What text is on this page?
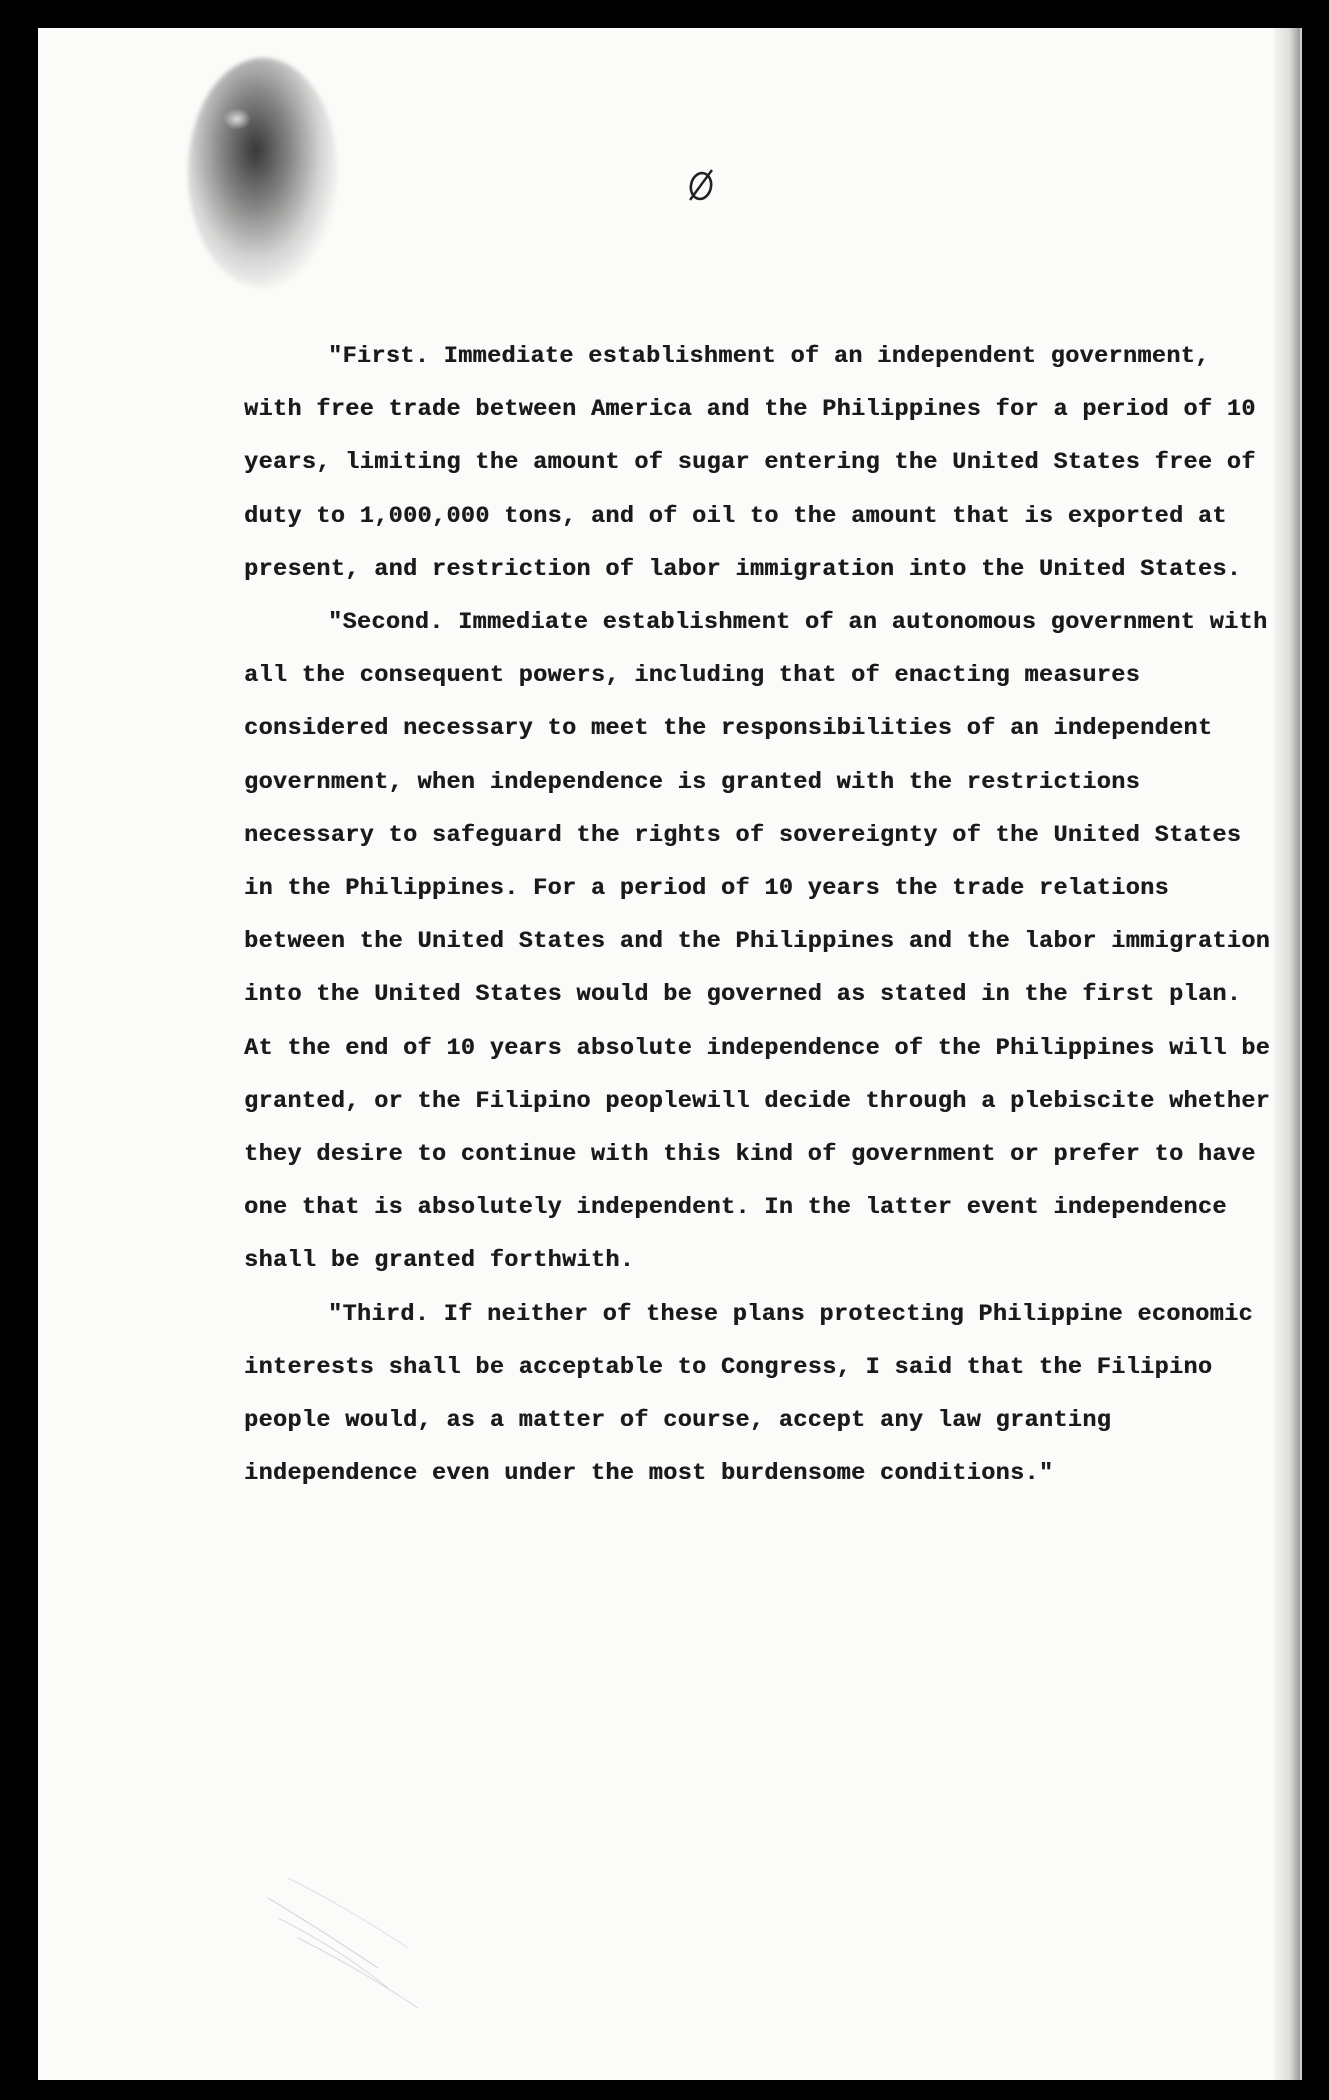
"First. Immediate establishment of an independent government, with free trade between America and the Philippines for a period of 10 years, limiting the amount of sugar entering the United States free of duty to 1,000,000 tons, and of oil to the amount that is exported at present, and restriction of labor immigration into the United States.

"Second. Immediate establishment of an autonomous government with all the consequent powers, including that of enacting measures considered necessary to meet the responsibilities of an independent government, when independence is granted with the restrictions necessary to safeguard the rights of sovereignty of the United States in the Philippines. For a period of 10 years the trade relations between the United States and the Philippines and the labor immigration into the United States would be governed as stated in the first plan. At the end of 10 years absolute independence of the Philippines will be granted, or the Filipino peoplewill decide through a plebiscite whether they desire to continue with this kind of government or prefer to have one that is absolutely independent. In the latter event independence shall be granted forthwith.

"Third. If neither of these plans protecting Philippine economic interests shall be acceptable to Congress, I said that the Filipino people would, as a matter of course, accept any law granting independence even under the most burdensome conditions."
